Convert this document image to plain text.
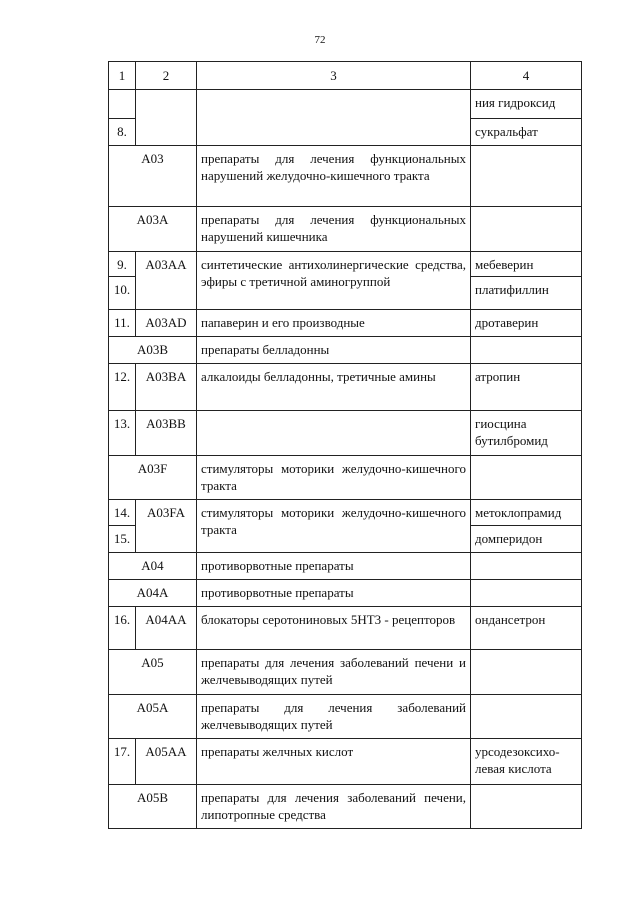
72
1	2	3	4
			ния гидроксид
8.			сукральфат
A03		препараты для лечения функциональных нарушений желудочно-кишечного тракта	
A03A		препараты для лечения функциональных нарушений кишечника	
9.	A03AA	синтетические антихолинергические средства, эфиры с третичной аминогруппой	мебеверин
10.			платифиллин
11.	A03AD	папаверин и его производные	дротаверин
A03B		препараты белладонны	
12.	A03BA	алкалоиды белладонны, третичные амины	атропин
13.	A03BB		гиосцина бутилбромид
A03F		стимуляторы моторики желудочно-кишечного тракта	
14.	A03FA	стимуляторы моторики желудочно-кишечного тракта	метоклопрамид
15.			домперидон
A04		противорвотные препараты	
A04A		противорвотные препараты	
16.	A04AA	блокаторы серотониновых 5HT3 - рецепторов	ондансетрон
A05		препараты для лечения заболеваний печени и желчевыводящих путей	
A05A		препараты для лечения заболеваний желчевыводящих путей	
17.	A05AA	препараты желчных кислот	урсодезоксихо-левая кислота
A05B		препараты для лечения заболеваний печени, липотропные средства	
